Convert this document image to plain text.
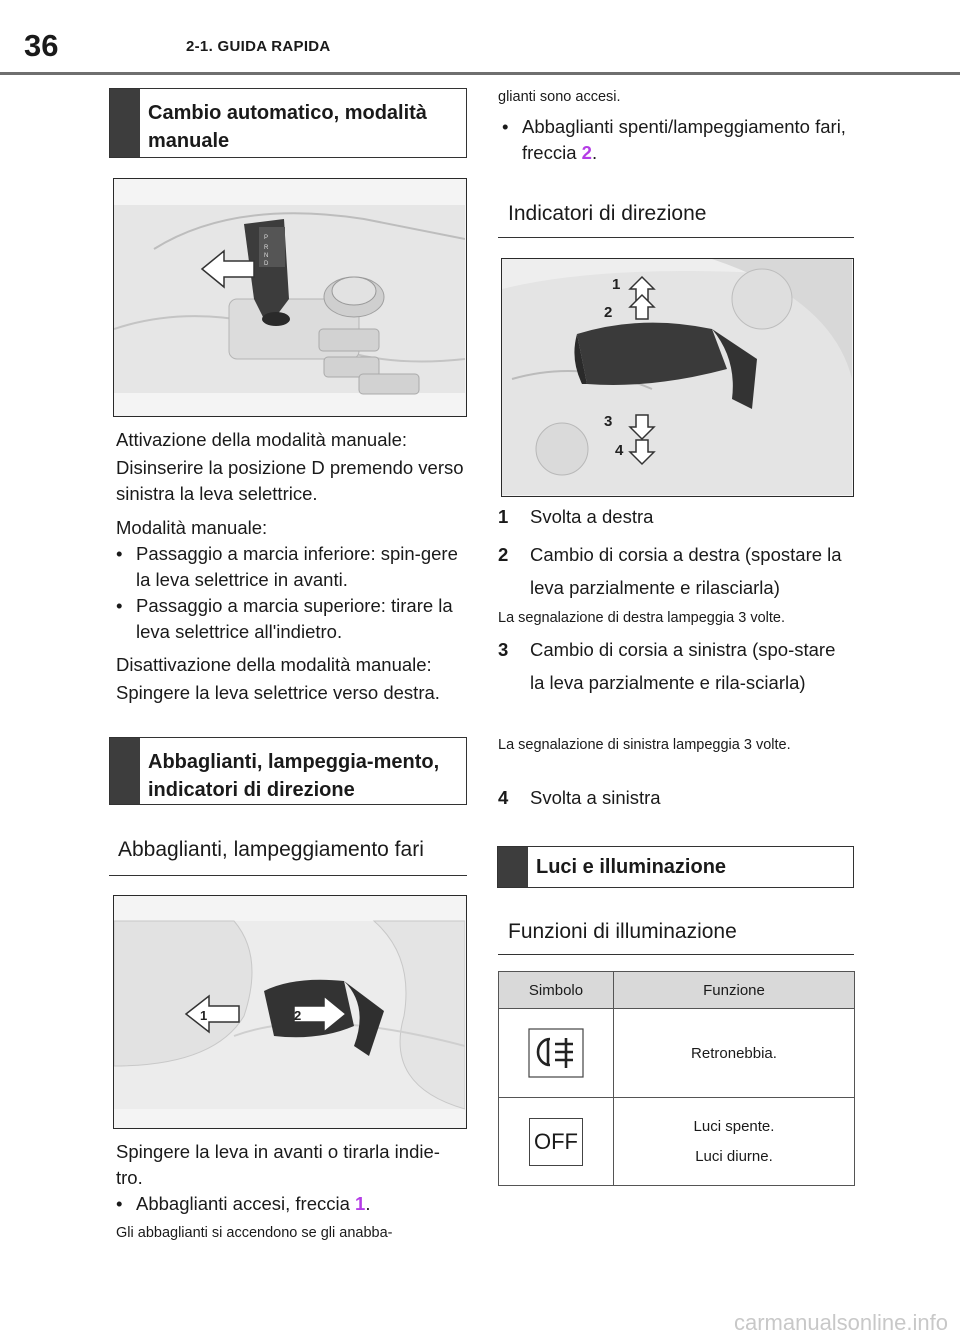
36	2-1. GUIDA RAPIDA
Cambio automatico, modalità manuale
P
R
N
D
Attivazione della modalità manuale:
Disinserire la posizione D premendo verso sinistra la leva selettrice.
Modalità manuale:
• Passaggio a marcia inferiore: spin-gere la leva selettrice in avanti.
• Passaggio a marcia superiore: tirare la leva selettrice all'indietro.
Disattivazione della modalità manuale:
Spingere la leva selettrice verso destra.
Abbaglianti, lampeggia-mento, indicatori di direzione
Abbaglianti, lampeggiamento fari
1	2
Spingere la leva in avanti o tirarla indie-tro.
• Abbaglianti accesi, freccia 1.
Gli abbaglianti si accendono se gli anabba-
glianti sono accesi.
• Abbaglianti spenti/lampeggiamento fari, freccia 2.
Indicatori di direzione
1
2
3
4
1 Svolta a destra
2 Cambio di corsia a destra (spostare la leva parzialmente e rilasciarla)
La segnalazione di destra lampeggia 3 volte.
3 Cambio di corsia a sinistra (spo-stare la leva parzialmente e rila-sciarla)
La segnalazione di sinistra lampeggia 3 volte.
4 Svolta a sinistra
Luci e illuminazione
Funzioni di illuminazione
Simbolo	Funzione
	Retronebbia.
OFF	Luci spente.
Luci diurne.
carmanualsonline.info
